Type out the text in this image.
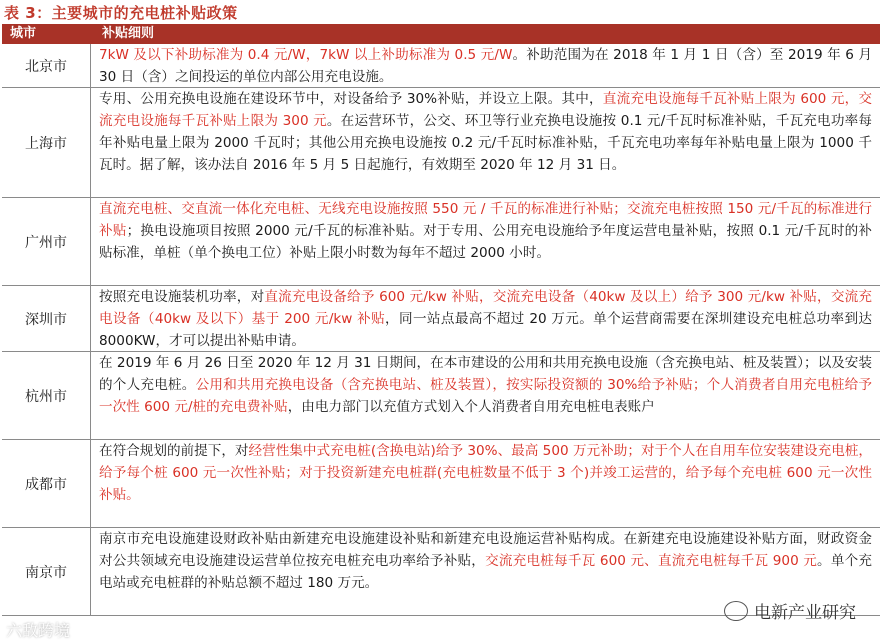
表 3：主要城市的充电桩补贴政策
城市	补贴细则
北京市
7kW 及以下补助标准为 0.4 元/W，7kW 以上补助标准为 0.5 元/W。补助范围为在 2018 年 1 月 1 日（含）至 2019 年 6 月 30 日（含）之间投运的单位内部公用充电设施。
上海市
专用、公用充换电设施在建设环节中，对设备给予 30%补贴，并设立上限。其中，直流充电设施每千瓦补贴上限为 600 元，交流充电设施每千瓦补贴上限为 300 元。在运营环节，公交、环卫等行业充换电设施按 0.1 元/千瓦时标准补贴，千瓦充电功率每年补贴电量上限为 2000 千瓦时；其他公用充换电设施按 0.2 元/千瓦时标准补贴，千瓦充电功率每年补贴电量上限为 1000 千瓦时。据了解，该办法自 2016 年 5 月 5 日起施行，有效期至 2020 年 12 月 31 日。
广州市
直流充电桩、交直流一体化充电桩、无线充电设施按照 550 元 / 千瓦的标准进行补贴；交流充电桩按照 150 元/千瓦的标准进行补贴；换电设施项目按照 2000 元/千瓦的标准补贴。对于专用、公用充电设施给予年度运营电量补贴，按照 0.1 元/千瓦时的补贴标准，单桩（单个换电工位）补贴上限小时数为每年不超过 2000 小时。
深圳市
按照充电设施装机功率，对直流充电设备给予 600 元/kw 补贴，交流充电设备（40kw 及以上）给予 300 元/kw 补贴，交流充电设备（40kw 及以下）基于 200 元/kw 补贴，同一站点最高不超过 20 万元。单个运营商需要在深圳建设充电桩总功率到达 8000KW，才可以提出补贴申请。
杭州市
在 2019 年 6 月 26 日至 2020 年 12 月 31 日期间，在本市建设的公用和共用充换电设施（含充换电站、桩及装置）；以及安装的个人充电桩。公用和共用充换电设备（含充换电站、桩及装置），按实际投资额的 30%给予补贴；个人消费者自用充电桩给予一次性 600 元/桩的充电费补贴，由电力部门以充值方式划入个人消费者自用充电桩电表账户
成都市
在符合规划的前提下，对经营性集中式充电桩(含换电站)给予 30%、最高 500 万元补助；对于个人在自用车位安装建设充电桩，给予每个桩 600 元一次性补贴；对于投资新建充电桩群(充电桩数量不低于 3 个)并竣工运营的，给予每个充电桩 600 元一次性补贴。
南京市
南京市充电设施建设财政补贴由新建充电设施建设补贴和新建充电设施运营补贴构成。在新建充电设施建设补贴方面，财政资金对公共领域充电设施建设运营单位按充电桩充电功率给予补贴，交流充电桩每千瓦 600 元、直流充电桩每千瓦 900 元。单个充电站或充电桩群的补贴总额不超过 180 万元。
六敌跨境
电新产业研究
